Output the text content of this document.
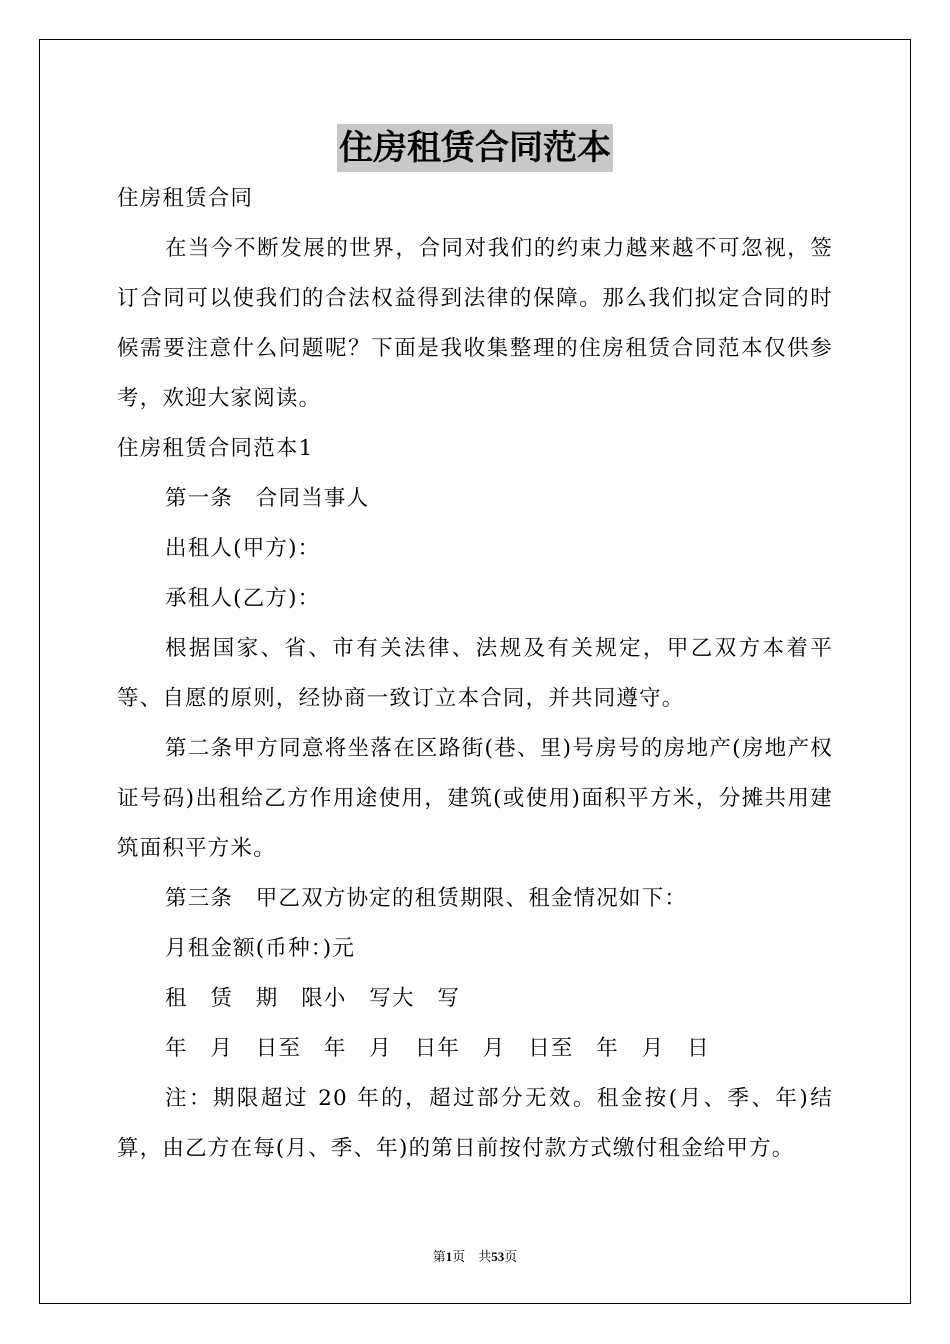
住房租赁合同范本

住房租赁合同

在当今不断发展的世界，合同对我们的约束力越来越不可忽视，签订合同可以使我们的合法权益得到法律的保障。那么我们拟定合同的时候需要注意什么问题呢？下面是我收集整理的住房租赁合同范本仅供参考，欢迎大家阅读。

住房租赁合同范本1

第一条　合同当事人

出租人(甲方)：

承租人(乙方)：

根据国家、省、市有关法律、法规及有关规定，甲乙双方本着平等、自愿的原则，经协商一致订立本合同，并共同遵守。

第二条甲方同意将坐落在区路街(巷、里)号房号的房地产(房地产权证号码)出租给乙方作用途使用，建筑(或使用)面积平方米，分摊共用建筑面积平方米。

第三条　甲乙双方协定的租赁期限、租金情况如下：

月租金额(币种：)元

租　赁　期　限小　写大　写

年　月　日至　年　月　日年　月　日至　年　月　日

注：期限超过 20 年的，超过部分无效。租金按(月、季、年)结算，由乙方在每(月、季、年)的第日前按付款方式缴付租金给甲方。

第1页　共53页
